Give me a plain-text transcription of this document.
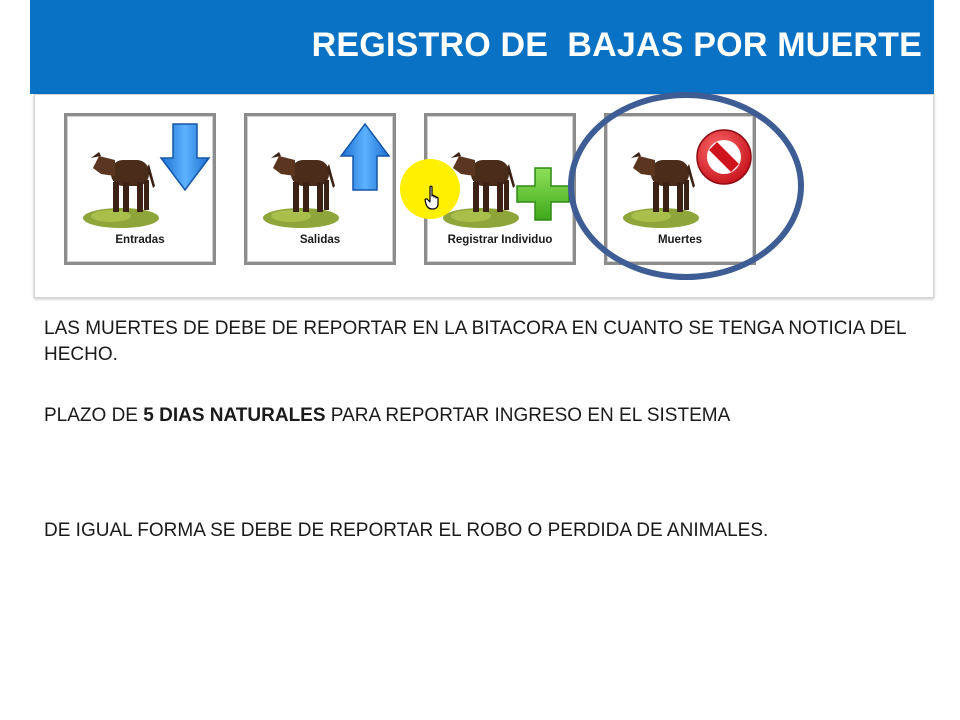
REGISTRO DE  BAJAS POR MUERTE
Entradas	Salidas	Registrar Individuo	Muertes
LAS MUERTES DE DEBE DE REPORTAR EN LA BITACORA EN CUANTO SE TENGA NOTICIA DEL HECHO.
PLAZO DE 5 DIAS NATURALES PARA REPORTAR INGRESO EN EL SISTEMA
DE IGUAL FORMA SE DEBE DE REPORTAR EL ROBO O PERDIDA DE ANIMALES.
